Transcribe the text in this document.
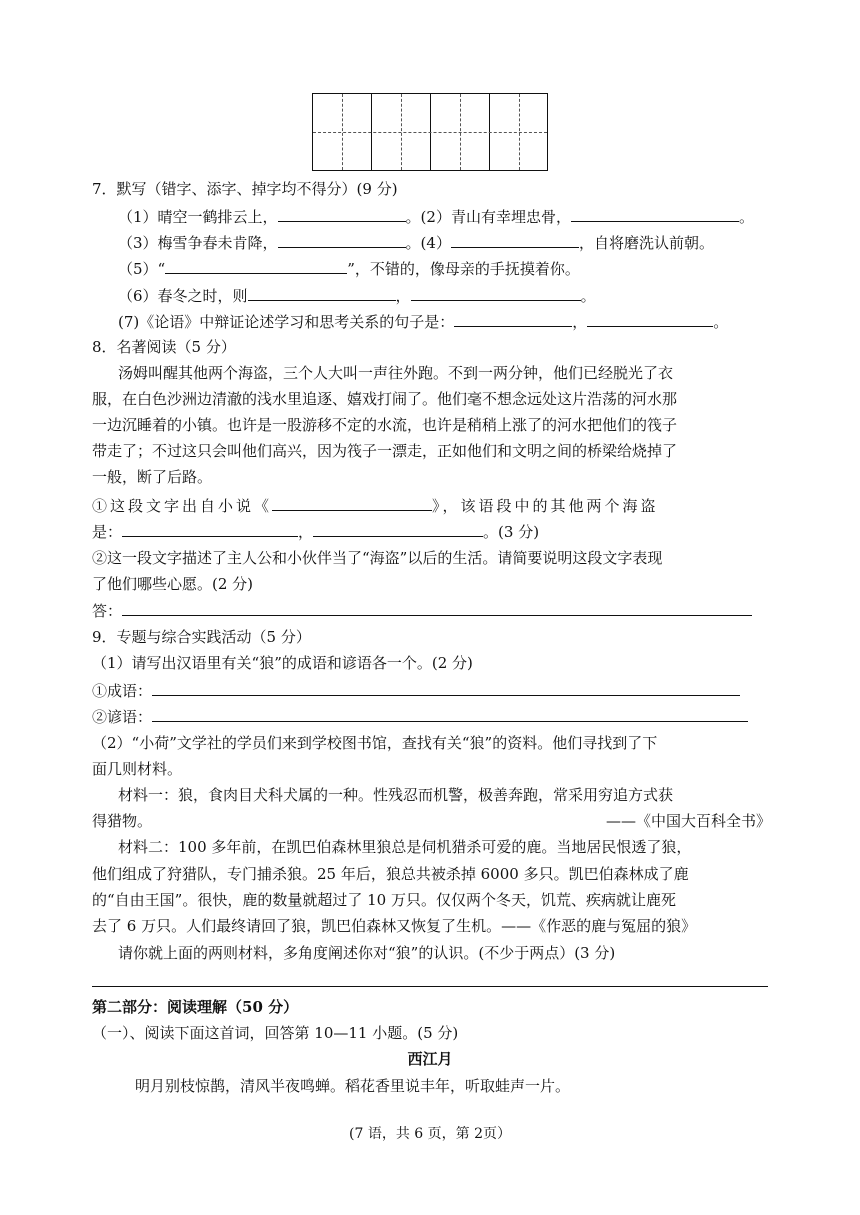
7．默写（错字、添字、掉字均不得分）(9 分)
（1）晴空一鹤排云上，	。(2）青山有幸埋忠骨，	。
（3）梅雪争春未肯降，	。(4）	，自将磨洗认前朝。
（5）“	”，不错的，像母亲的手抚摸着你。
（6）春冬之时，则	，	。
(7)《论语》中辩证论述学习和思考关系的句子是：	，	。
8．名著阅读（5 分）
汤姆叫醒其他两个海盗，三个人大叫一声往外跑。不到一两分钟，他们已经脱光了衣
服，在白色沙洲边清澈的浅水里追逐、嬉戏打闹了。他们毫不想念远处这片浩荡的河水那
一边沉睡着的小镇。也许是一股游移不定的水流，也许是稍稍上涨了的河水把他们的筏子
带走了；不过这只会叫他们高兴，因为筏子一漂走，正如他们和文明之间的桥梁给烧掉了
一般，断了后路。
①这段文字出自小说《	》，该语段中的其他两个海盗
是：	，	。(3 分)
②这一段文字描述了主人公和小伙伴当了“海盗”以后的生活。请简要说明这段文字表现
了他们哪些心愿。(2 分)
答：
9．专题与综合实践活动（5 分）
（1）请写出汉语里有关“狼”的成语和谚语各一个。(2 分)
①成语：
②谚语：
（2）“小荷”文学社的学员们来到学校图书馆，查找有关“狼”的资料。他们寻找到了下
面几则材料。
材料一：狼，食肉目犬科犬属的一种。性残忍而机警，极善奔跑，常采用穷追方式获
得猎物。	——《中国大百科全书》
材料二：100 多年前，在凯巴伯森林里狼总是伺机猎杀可爱的鹿。当地居民恨透了狼，
他们组成了狩猎队，专门捕杀狼。25 年后，狼总共被杀掉 6000 多只。凯巴伯森林成了鹿
的“自由王国”。很快，鹿的数量就超过了 10 万只。仅仅两个冬天，饥荒、疾病就让鹿死
去了 6 万只。人们最终请回了狼，凯巴伯森林又恢复了生机。——《作恶的鹿与冤屈的狼》
请你就上面的两则材料，多角度阐述你对“狼”的认识。(不少于两点）(3 分)
第二部分：阅读理解（50 分）
（一）、阅读下面这首词，回答第 10—11 小题。(5 分)
西江月
明月别枝惊鹊，清风半夜鸣蝉。稻花香里说丰年，听取蛙声一片。
(7 语，共 6 页，第 2页）
